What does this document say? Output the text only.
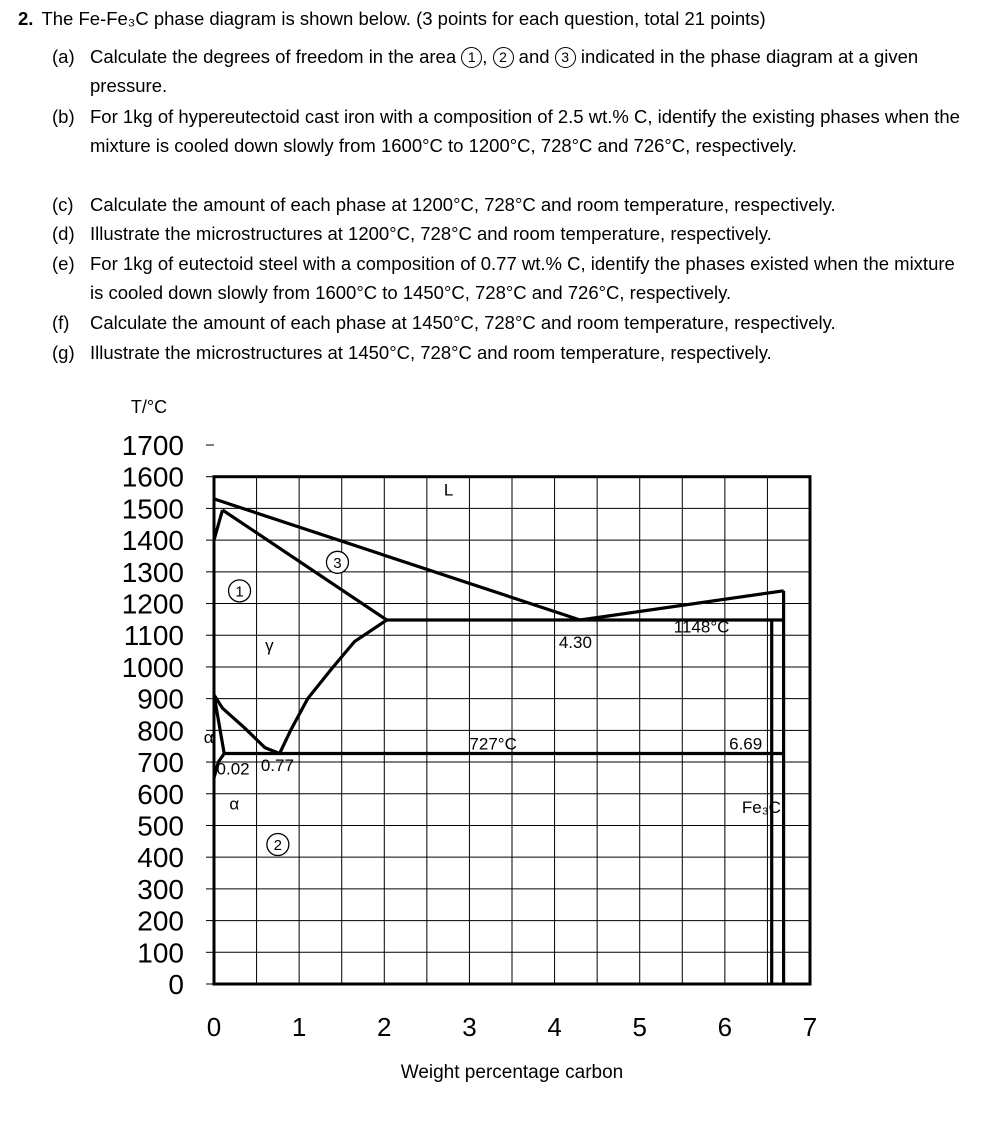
2. The Fe-Fe₃C phase diagram is shown below. (3 points for each question, total 21 points)
(a) Calculate the degrees of freedom in the area 1 , 2 and 3 indicated in the phase diagram at a given pressure.
(b) For 1kg of hypereutectoid cast iron with a composition of 2.5 wt.% C, identify the existing phases when the mixture is cooled down slowly from 1600°C to 1200°C, 728°C and 726°C, respectively.
(c) Calculate the amount of each phase at 1200°C, 728°C and room temperature, respectively.
(d) Illustrate the microstructures at 1200°C, 728°C and room temperature, respectively.
(e) For 1kg of eutectoid steel with a composition of 0.77 wt.% C, identify the phases existed when the mixture is cooled down slowly from 1600°C to 1450°C, 728°C and 726°C, respectively.
(f) Calculate the amount of each phase at 1450°C, 728°C and room temperature, respectively.
(g) Illustrate the microstructures at 1450°C, 728°C and room temperature, respectively.
1700
1600
1500
1400
1300
1200
1100
1000
900
800
700
600
500
400
300
200
100
0
0	1	2	3	4	5	6	7
L
γ
α
α
4.30
1148°C
727°C	6.69
0.02 0.77
Fe₃C
1
2
3
T/°C
Weight percentage carbon
